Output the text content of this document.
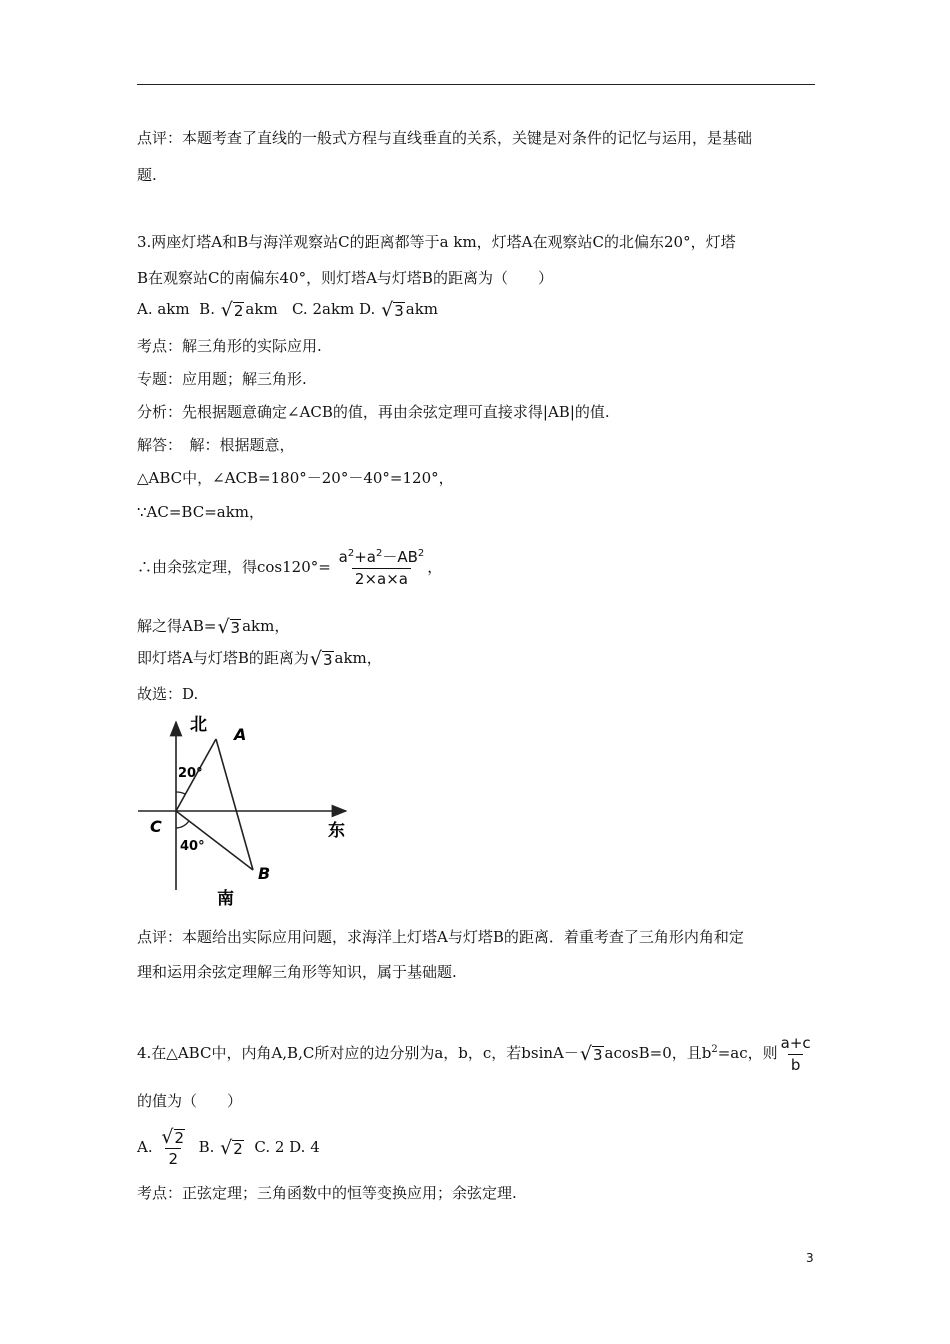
点评：本题考查了直线的一般式方程与直线垂直的关系，关键是对条件的记忆与运用，是基础
题.
3.两座灯塔A和B与海洋观察站C的距离都等于a km，灯塔A在观察站C的北偏东20°，灯塔
B在观察站C的南偏东40°，则灯塔A与灯塔B的距离为（　　）
A. akm B. √ 2 akm C. 2akm D. √ 3 akm
考点：解三角形的实际应用.
专题：应用题；解三角形.
分析：先根据题意确定∠ACB的值，再由余弦定理可直接求得|AB|的值.
解答：　解：根据题意，
△ABC中，∠ACB=180°－20°－40°=120°，
∵AC=BC=akm，
∴由余弦定理，得$\cos 120^\circ= \frac{a^2+a^2-AB^2}{2\times a\times a}$ ，
解之得AB= √ 3 akm，
即灯塔A与灯塔B的距离为 √ 3 akm，
故选：D.
北 A
20°
C	东
40°
B
南
点评：本题给出实际应用问题，求海洋上灯塔A与灯塔B的距离．着重考查了三角形内角和定
理和运用余弦定理解三角形等知识，属于基础题.
4.在△ABC中，内角A,B,C所对应的边分别为a，b，c，若bsinA－ √ 3 acosB=0，且$b^2=ac$，则 $\frac{a+c}{b}$
的值为（　　）
A. $\frac{√ 2}{2} B$. √ 2 C. 2 D. 4
考点：正弦定理；三角函数中的恒等变换应用；余弦定理.
3
